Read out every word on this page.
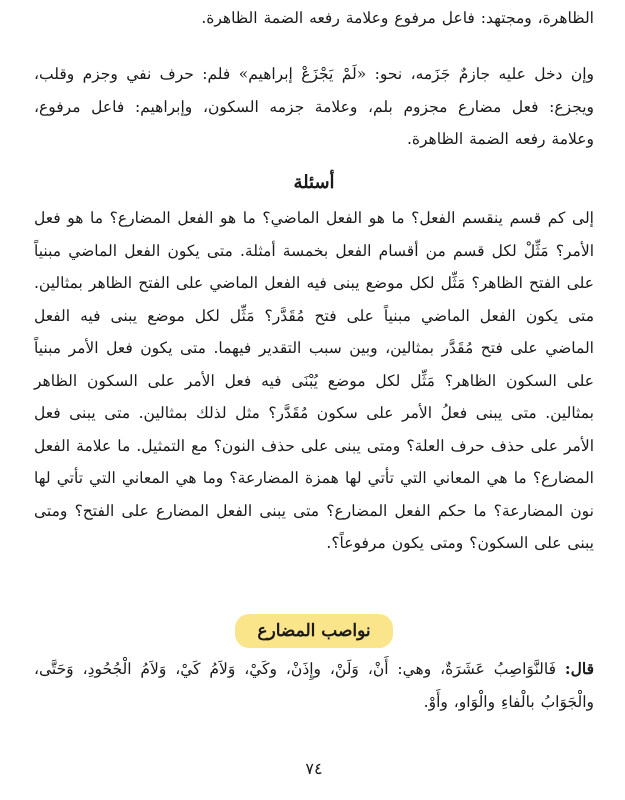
الظاهرة، ومجتهد: فاعل مرفوع وعلامة رفعه الضمة الظاهرة.

وإن دخل عليه جازمٌ جَزَمه، نحو: «لَمْ يَجْزَعْ إبراهيم» فلم: حرف نفي وجزم وقلب، ويجزع: فعل مضارع مجزوم بلم، وعلامة جزمه السكون، وإبراهيم: فاعل مرفوع، وعلامة رفعه الضمة الظاهرة.

أسئلة

إلى كم قسم ينقسم الفعل؟ ما هو الفعل الماضي؟ ما هو الفعل المضارع؟ ما هو فعل الأمر؟ مَثِّلْ لكل قسم من أقسام الفعل بخمسة أمثلة. متى يكون الفعل الماضي مبنياً على الفتح الظاهر؟ مَثِّل لكل موضع يبنى فيه الفعل الماضي على الفتح الظاهر بمثالين. متى يكون الفعل الماضي مبنياً على فتح مُقَدَّر؟ مَثِّل لكل موضع يبنى فيه الفعل الماضي على فتح مُقَدَّر بمثالين، وبين سبب التقدير فيهما. متى يكون فعل الأمر مبنياً على السكون الظاهر؟ مَثِّل لكل موضع يُبْنَى فيه فعل الأمر على السكون الظاهر بمثالين. متى يبنى فعلُ الأمر على سكون مُقَدَّر؟ مثل لذلك بمثالين. متى يبنى فعل الأمر على حذف حرف العلة؟ ومتى يبنى على حذف النون؟ مع التمثيل. ما علامة الفعل المضارع؟ ما هي المعاني التي تأتي لها همزة المضارعة؟ وما هي المعاني التي تأتي لها نون المضارعة؟ ما حكم الفعل المضارع؟ متى يبنى الفعل المضارع على الفتح؟ ومتى يبنى على السكون؟ ومتى يكون مرفوعاً؟.

نواصب المضارع

قال: فَالنَّوَاصِبُ عَشَرَةٌ، وهي: أَنْ، وَلَنْ، وإِذَنْ، وكَيْ، وَلاَمُ كَيْ، وَلاَمُ الْجُحُودِ، وَحَتَّى، والْجَوَابُ بالْفاءِ والْوَاو، وأَوْ.

٧٤
